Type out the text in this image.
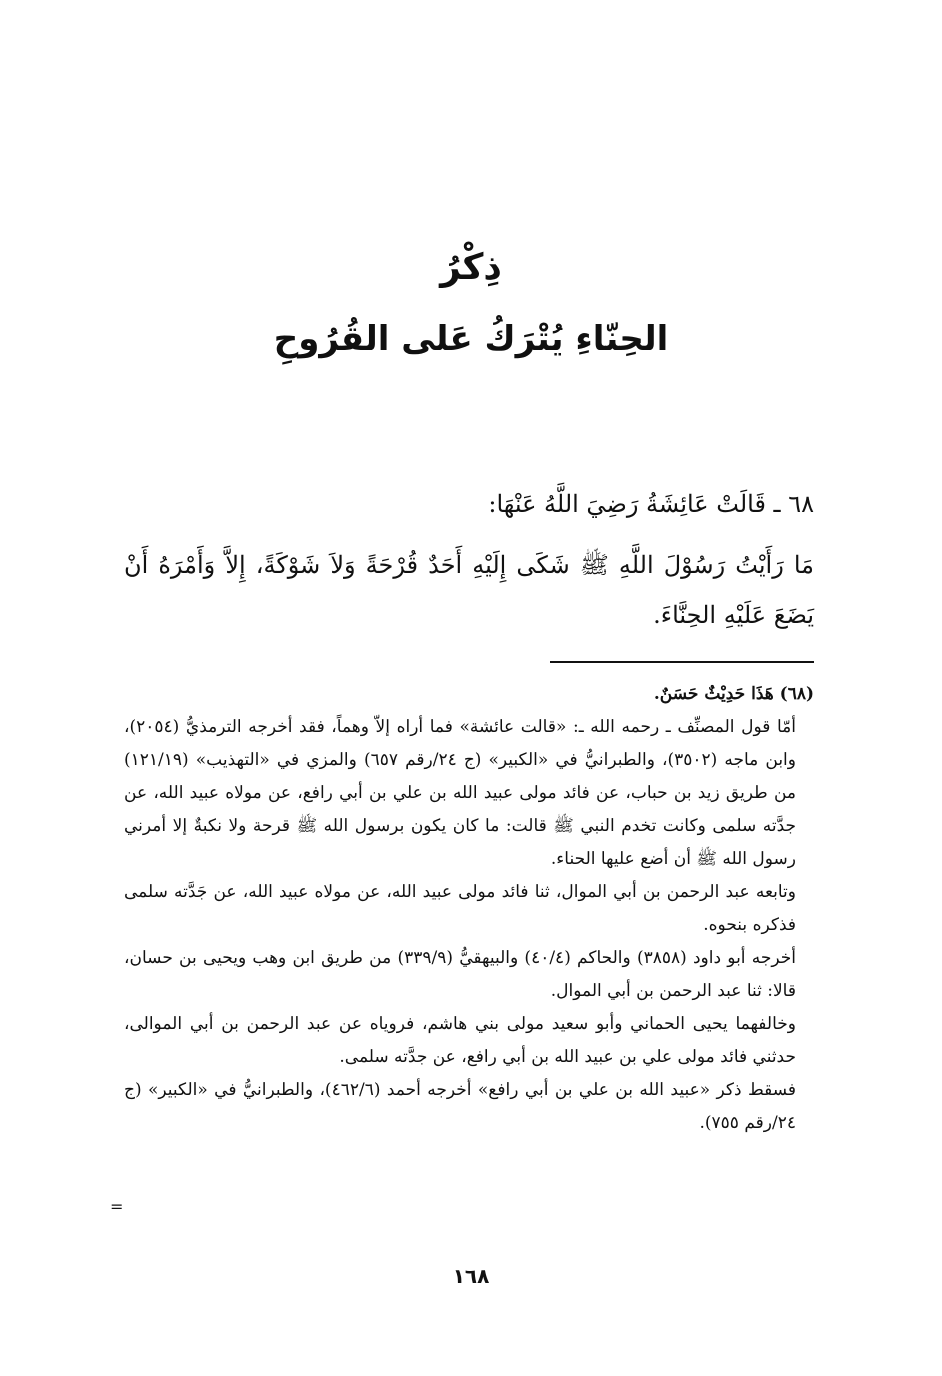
ذِكْرُ
الحِنّاءِ يُتْرَكُ عَلى القُرُوحِ
٦٨ ـ قَالَتْ عَائِشَةُ رَضِيَ اللَّهُ عَنْهَا:
مَا رَأَيْتُ رَسُوْلَ اللَّهِ ﷺ شَكَى إِلَيْهِ أَحَدٌ قُرْحَةً وَلاَ شَوْكَةً، إِلاَّ وَأَمْرَهُ أَنْ يَضَعَ عَلَيْهِ الحِنَّاءَ.

(٦٨) هَذَا حَدِيْثٌ حَسَنٌ.

أمّا قول المصنِّف ـ رحمه الله ـ: «قالت عائشة» فما أراه إلاّ وهماً، فقد أخرجه الترمذيُّ (٢٠٥٤)، وابن ماجه (٣٥٠٢)، والطبرانيُّ في «الكبير» (ج ٢٤/رقم ٦٥٧) والمزي في «التهذيب» (١٢١/١٩) من طريق زيد بن حباب، عن فائد مولى عبيد الله بن علي بن أبي رافع، عن مولاه عبيد الله، عن جدَّته سلمى وكانت تخدم النبي ﷺ قالت: ما كان يكون برسول الله ﷺ قرحة ولا نكبةٌ إلا أمرني رسول الله ﷺ أن أضع عليها الحناء.

وتابعه عبد الرحمن بن أبي الموال، ثنا فائد مولى عبيد الله، عن مولاه عبيد الله، عن جَدَّته سلمى فذكره بنحوه.

أخرجه أبو داود (٣٨٥٨) والحاكم (٤٠/٤) والبيهقيُّ (٣٣٩/٩) من طريق ابن وهب ويحيى بن حسان، قالا: ثنا عبد الرحمن بن أبي الموال.

وخالفهما يحيى الحماني وأبو سعيد مولى بني هاشم، فروياه عن عبد الرحمن بن أبي الموالى، حدثني فائد مولى علي بن عبيد الله بن أبي رافع، عن جدَّته سلمى.

فسقط ذكر «عبيد الله بن علي بن أبي رافع» أخرجه أحمد (٤٦٢/٦)، والطبرانيُّ في «الكبير» (ج ٢٤/رقم ٧٥٥).

=
١٦٨
